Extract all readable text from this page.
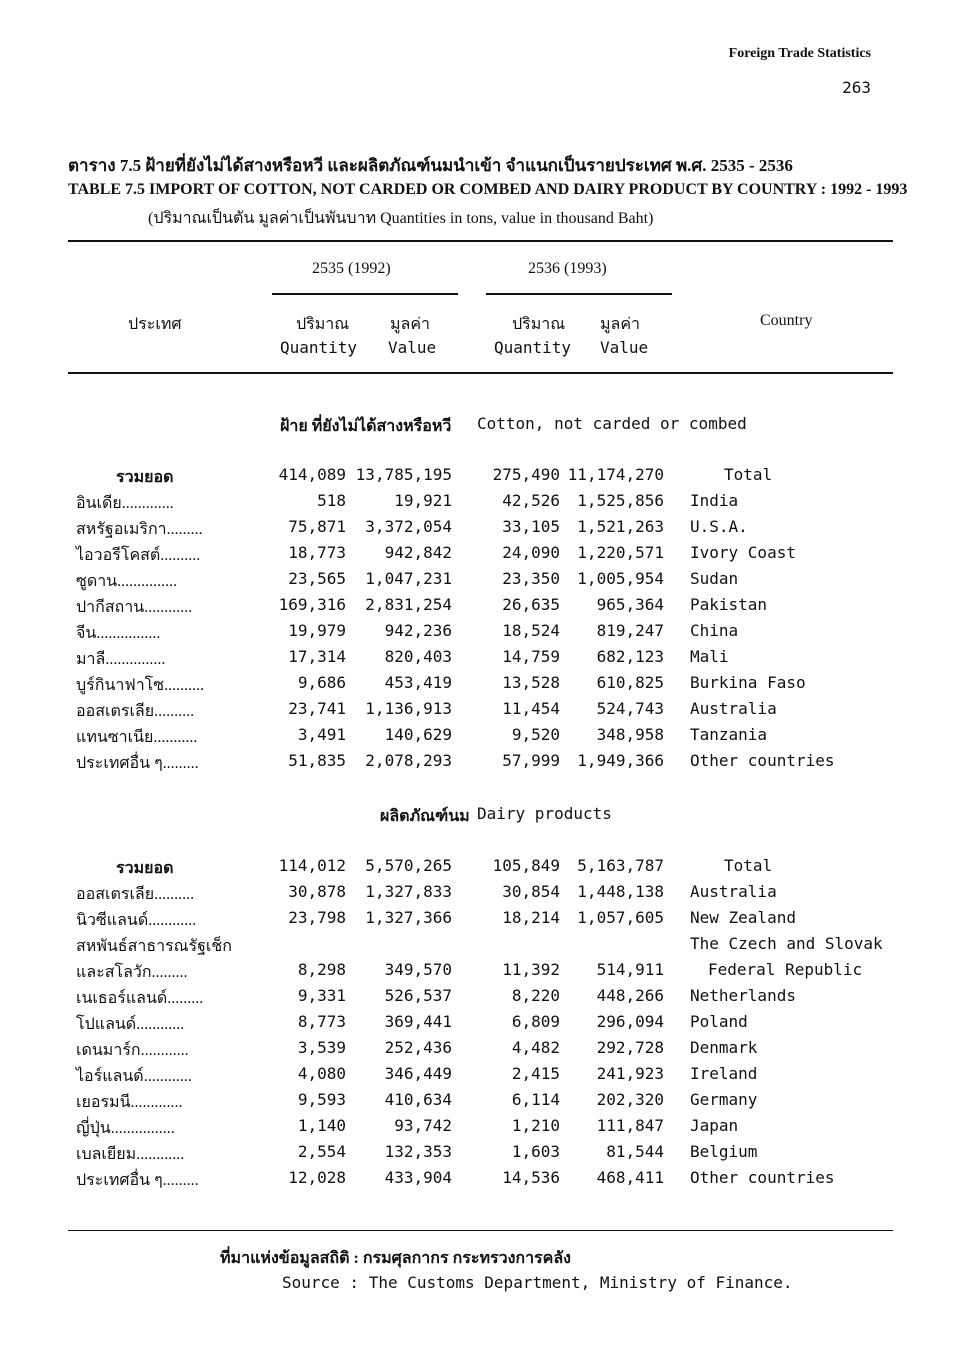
Foreign Trade Statistics
263
ตาราง 7.5 ฝ้ายที่ยังไม่ได้สางหรือหวี และผลิตภัณฑ์นมนำเข้า จำแนกเป็นรายประเทศ พ.ศ. 2535 - 2536
TABLE 7.5 IMPORT OF COTTON, NOT CARDED OR COMBED AND DAIRY PRODUCT BY COUNTRY : 1992 - 1993
(ปริมาณเป็นตัน มูลค่าเป็นพันบาท Quantities in tons, value in thousand Baht)
2535 (1992)	2536 (1993)
ประเทศ	ปริมาณ	มูลค่า	ปริมาณ มูลค่า	Country
Quantity Value	Quantity Value
ฝ้าย ที่ยังไม่ได้สางหรือหวี Cotton, not carded or combed
รวมยอด	414,089 13,785,195	275,490 11,174,270	Total
อินเดีย.............	518	19,921	42,526 1,525,856 India
สหรัฐอเมริกา.........	75,871 3,372,054	33,105 1,521,263 U.S.A.
ไอวอรีโคสต์..........	18,773 942,842	24,090 1,220,571 Ivory Coast
ซูดาน...............	23,565 1,047,231	23,350 1,005,954 Sudan
ปากีสถาน............	169,316 2,831,254	26,635 965,364 Pakistan
จีน................	19,979 942,236	18,524 819,247 China
มาลี...............	17,314 820,403	14,759 682,123 Mali
บูร์กินาฟาโซ..........	9,686 453,419	13,528 610,825 Burkina Faso
ออสเตรเลีย..........	23,741 1,136,913	11,454 524,743 Australia
แทนซาเนีย...........	3,491 140,629	9,520 348,958 Tanzania
ประเทศอื่น ๆ.........	51,835 2,078,293	57,999 1,949,366 Other countries
ผลิตภัณฑ์นม Dairy products
รวมยอด	114,012 5,570,265	105,849 5,163,787	Total
ออสเตรเลีย..........	30,878 1,327,833	30,854 1,448,138 Australia
นิวซีแลนด์............	23,798 1,327,366	18,214 1,057,605 New Zealand
สหพันธ์สาธารณรัฐเช็ก	The Czech and Slovak
และสโลวัก.........	8,298 349,570	11,392 514,911	Federal Republic
เนเธอร์แลนด์.........	9,331 526,537	8,220 448,266 Netherlands
โปแลนด์............	8,773 369,441	6,809 296,094 Poland
เดนมาร์ก............	3,539 252,436	4,482 292,728 Denmark
ไอร์แลนด์............	4,080 346,449	2,415 241,923 Ireland
เยอรมนี.............	9,593 410,634	6,114 202,320 Germany
ญี่ปุ่น................	1,140	93,742	1,210 111,847 Japan
เบลเยียม............	2,554 132,353	1,603	81,544 Belgium
ประเทศอื่น ๆ.........	12,028 433,904	14,536 468,411 Other countries
ที่มาแห่งข้อมูลสถิติ : กรมศุลกากร กระทรวงการคลัง
Source : The Customs Department, Ministry of Finance.
